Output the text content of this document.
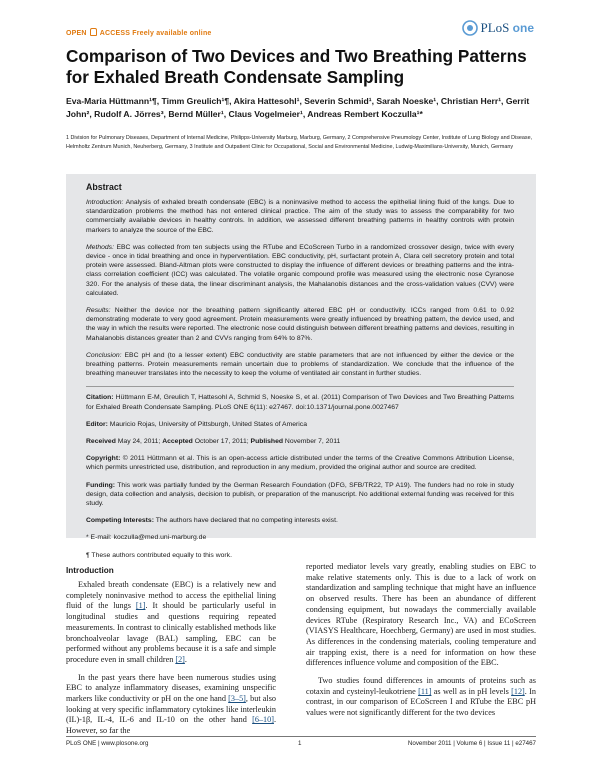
OPEN ACCESS Freely available online	PLoS one
Comparison of Two Devices and Two Breathing Patterns for Exhaled Breath Condensate Sampling
Eva-Maria Hüttmann¹¶, Timm Greulich¹¶, Akira Hattesohl¹, Severin Schmid¹, Sarah Noeske¹, Christian Herr¹, Gerrit John², Rudolf A. Jörres³, Bernd Müller¹, Claus Vogelmeier¹, Andreas Rembert Koczulla¹*
1 Division for Pulmonary Diseases, Department of Internal Medicine, Philipps-University Marburg, Marburg, Germany, 2 Comprehensive Pneumology Center, Institute of Lung Biology and Disease, Helmholtz Zentrum Munich, Neuherberg, Germany, 3 Institute and Outpatient Clinic for Occupational, Social and Environmental Medicine, Ludwig-Maximilians-University, Munich, Germany
Abstract

Introduction: Analysis of exhaled breath condensate (EBC) is a noninvasive method to access the epithelial lining fluid of the lungs. Due to standardization problems the method has not entered clinical practice. The aim of the study was to assess the comparability for two commercially available devices in healthy controls. In addition, we assessed different breathing patterns in healthy controls with protein markers to analyze the source of the EBC.

Methods: EBC was collected from ten subjects using the RTube and ECoScreen Turbo in a randomized crossover design, twice with every device - once in tidal breathing and once in hyperventilation. EBC conductivity, pH, surfactant protein A, Clara cell secretory protein and total protein were assessed. Bland-Altman plots were constructed to display the influence of different devices or breathing patterns and the intra-class correlation coefficient (ICC) was calculated. The volatile organic compound profile was measured using the electronic nose Cyranose 320. For the analysis of these data, the linear discriminant analysis, the Mahalanobis distances and the cross-validation values (CVV) were calculated.

Results: Neither the device nor the breathing pattern significantly altered EBC pH or conductivity. ICCs ranged from 0.61 to 0.92 demonstrating moderate to very good agreement. Protein measurements were greatly influenced by breathing pattern, the device used, and the way in which the results were reported. The electronic nose could distinguish between different breathing patterns and devices, resulting in Mahalanobis distances greater than 2 and CVVs ranging from 64% to 87%.

Conclusion: EBC pH and (to a lesser extent) EBC conductivity are stable parameters that are not influenced by either the device or the breathing patterns. Protein measurements remain uncertain due to problems of standardization. We conclude that the influence of the breathing maneuver translates into the necessity to keep the volume of ventilated air constant in further studies.

Citation: Hüttmann E-M, Greulich T, Hattesohl A, Schmid S, Noeske S, et al. (2011) Comparison of Two Devices and Two Breathing Patterns for Exhaled Breath Condensate Sampling. PLoS ONE 6(11): e27467. doi:10.1371/journal.pone.0027467

Editor: Mauricio Rojas, University of Pittsburgh, United States of America

Received May 24, 2011; Accepted October 17, 2011; Published November 7, 2011

Copyright: © 2011 Hüttmann et al. This is an open-access article distributed under the terms of the Creative Commons Attribution License, which permits unrestricted use, distribution, and reproduction in any medium, provided the original author and source are credited.

Funding: This work was partially funded by the German Research Foundation (DFG, SFB/TR22, TP A19). The funders had no role in study design, data collection and analysis, decision to publish, or preparation of the manuscript. No additional external funding was received for this study.

Competing Interests: The authors have declared that no competing interests exist.

* E-mail: koczulla@med.uni-marburg.de

¶ These authors contributed equally to this work.

Introduction

Exhaled breath condensate (EBC) is a relatively new and completely noninvasive method to access the epithelial lining fluid of the lungs [1]. It should be particularly useful in longitudinal studies and questions requiring repeated measurements. In contrast to clinically established methods like bronchoalveolar lavage (BAL) sampling, EBC can be performed without any problems because it is a safe and simple procedure even in small children [2].

In the past years there have been numerous studies using EBC to analyze inflammatory diseases, examining unspecific markers like conductivity or pH on the one hand [3–5], but also looking at very specific inflammatory cytokines like interleukin (IL)-1β, IL-4, IL-6 and IL-10 on the other hand [6–10]. However, so far the

reported mediator levels vary greatly, enabling studies on EBC to make relative statements only. This is due to a lack of work on standardization and sampling technique that might have an influence on observed results. There has been an abundance of different condensing equipment, but nowadays the commercially available devices RTube (Respiratory Research Inc., VA) and ECoScreen (VIASYS Healthcare, Hoechberg, Germany) are used in most studies. As differences in the condensing materials, cooling temperature and air trapping exist, there is a need for information on how these differences influence volume and composition of the EBC.

Two studies found differences in amounts of proteins such as cotaxin and cysteinyl-leukotriene [11] as well as in pH levels [12]. In contrast, in our comparison of ECoScreen I and RTube the EBC pH values were not significantly different for the two devices

PLoS ONE | www.plosone.org	1	November 2011 | Volume 6 | Issue 11 | e27467
